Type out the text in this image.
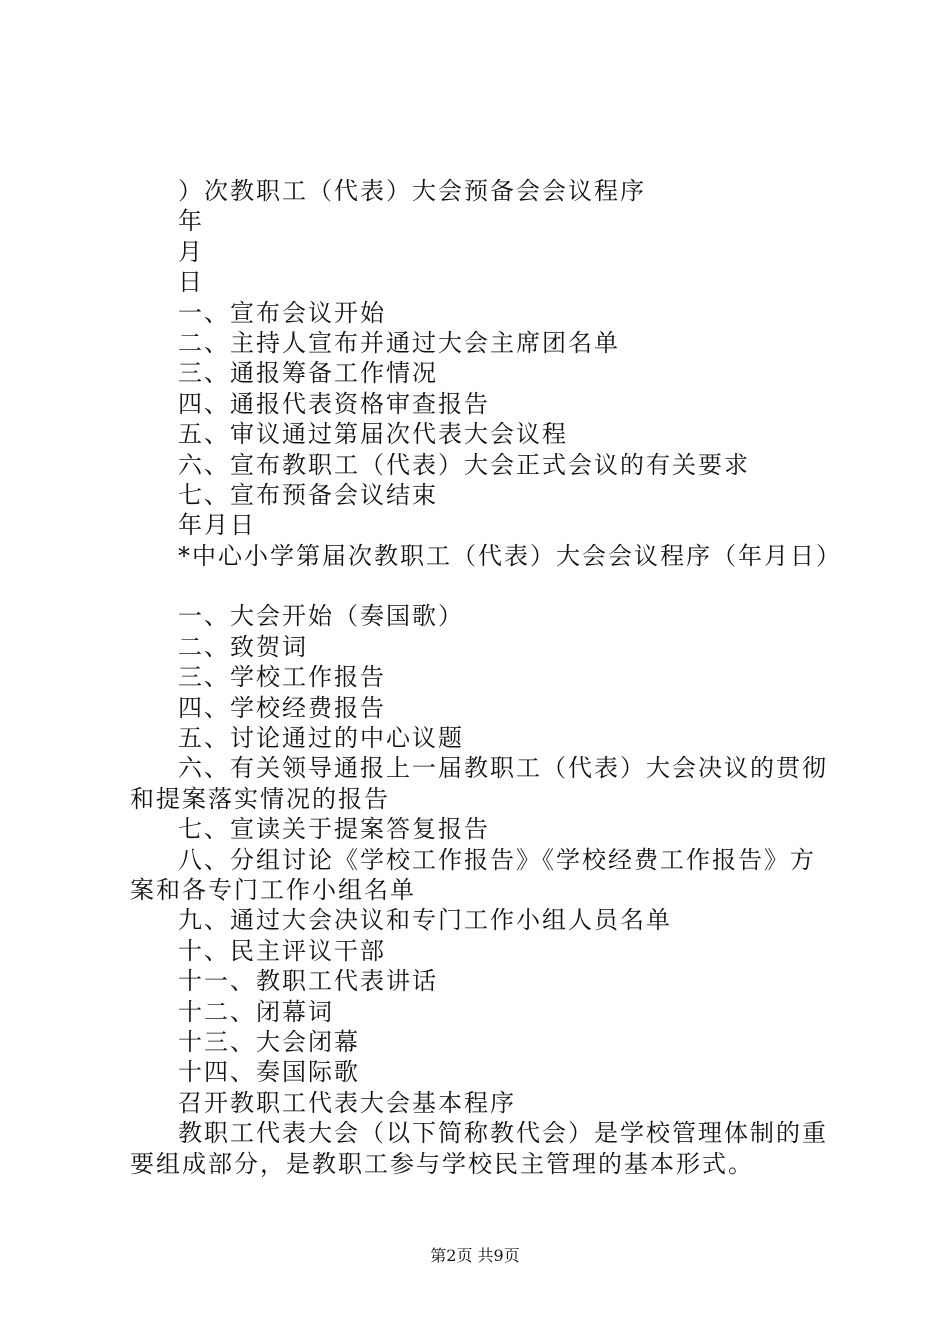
）次教职工（代表）大会预备会会议程序

年

月

日

一、宣布会议开始

二、主持人宣布并通过大会主席团名单

三、通报筹备工作情况

四、通报代表资格审查报告

五、审议通过第届次代表大会议程

六、宣布教职工（代表）大会正式会议的有关要求

七、宣布预备会议结束

年月日

*中心小学第届次教职工（代表）大会会议程序（年月日）

一、大会开始（奏国歌）

二、致贺词

三、学校工作报告

四、学校经费报告

五、讨论通过的中心议题

六、有关领导通报上一届教职工（代表）大会决议的贯彻和提案落实情况的报告

七、宣读关于提案答复报告

八、分组讨论《学校工作报告》《学校经费工作报告》方案和各专门工作小组名单

九、通过大会决议和专门工作小组人员名单

十、民主评议干部

十一、教职工代表讲话

十二、闭幕词

十三、大会闭幕

十四、奏国际歌

召开教职工代表大会基本程序

教职工代表大会（以下简称教代会）是学校管理体制的重要组成部分，是教职工参与学校民主管理的基本形式。

第2页 共9页
